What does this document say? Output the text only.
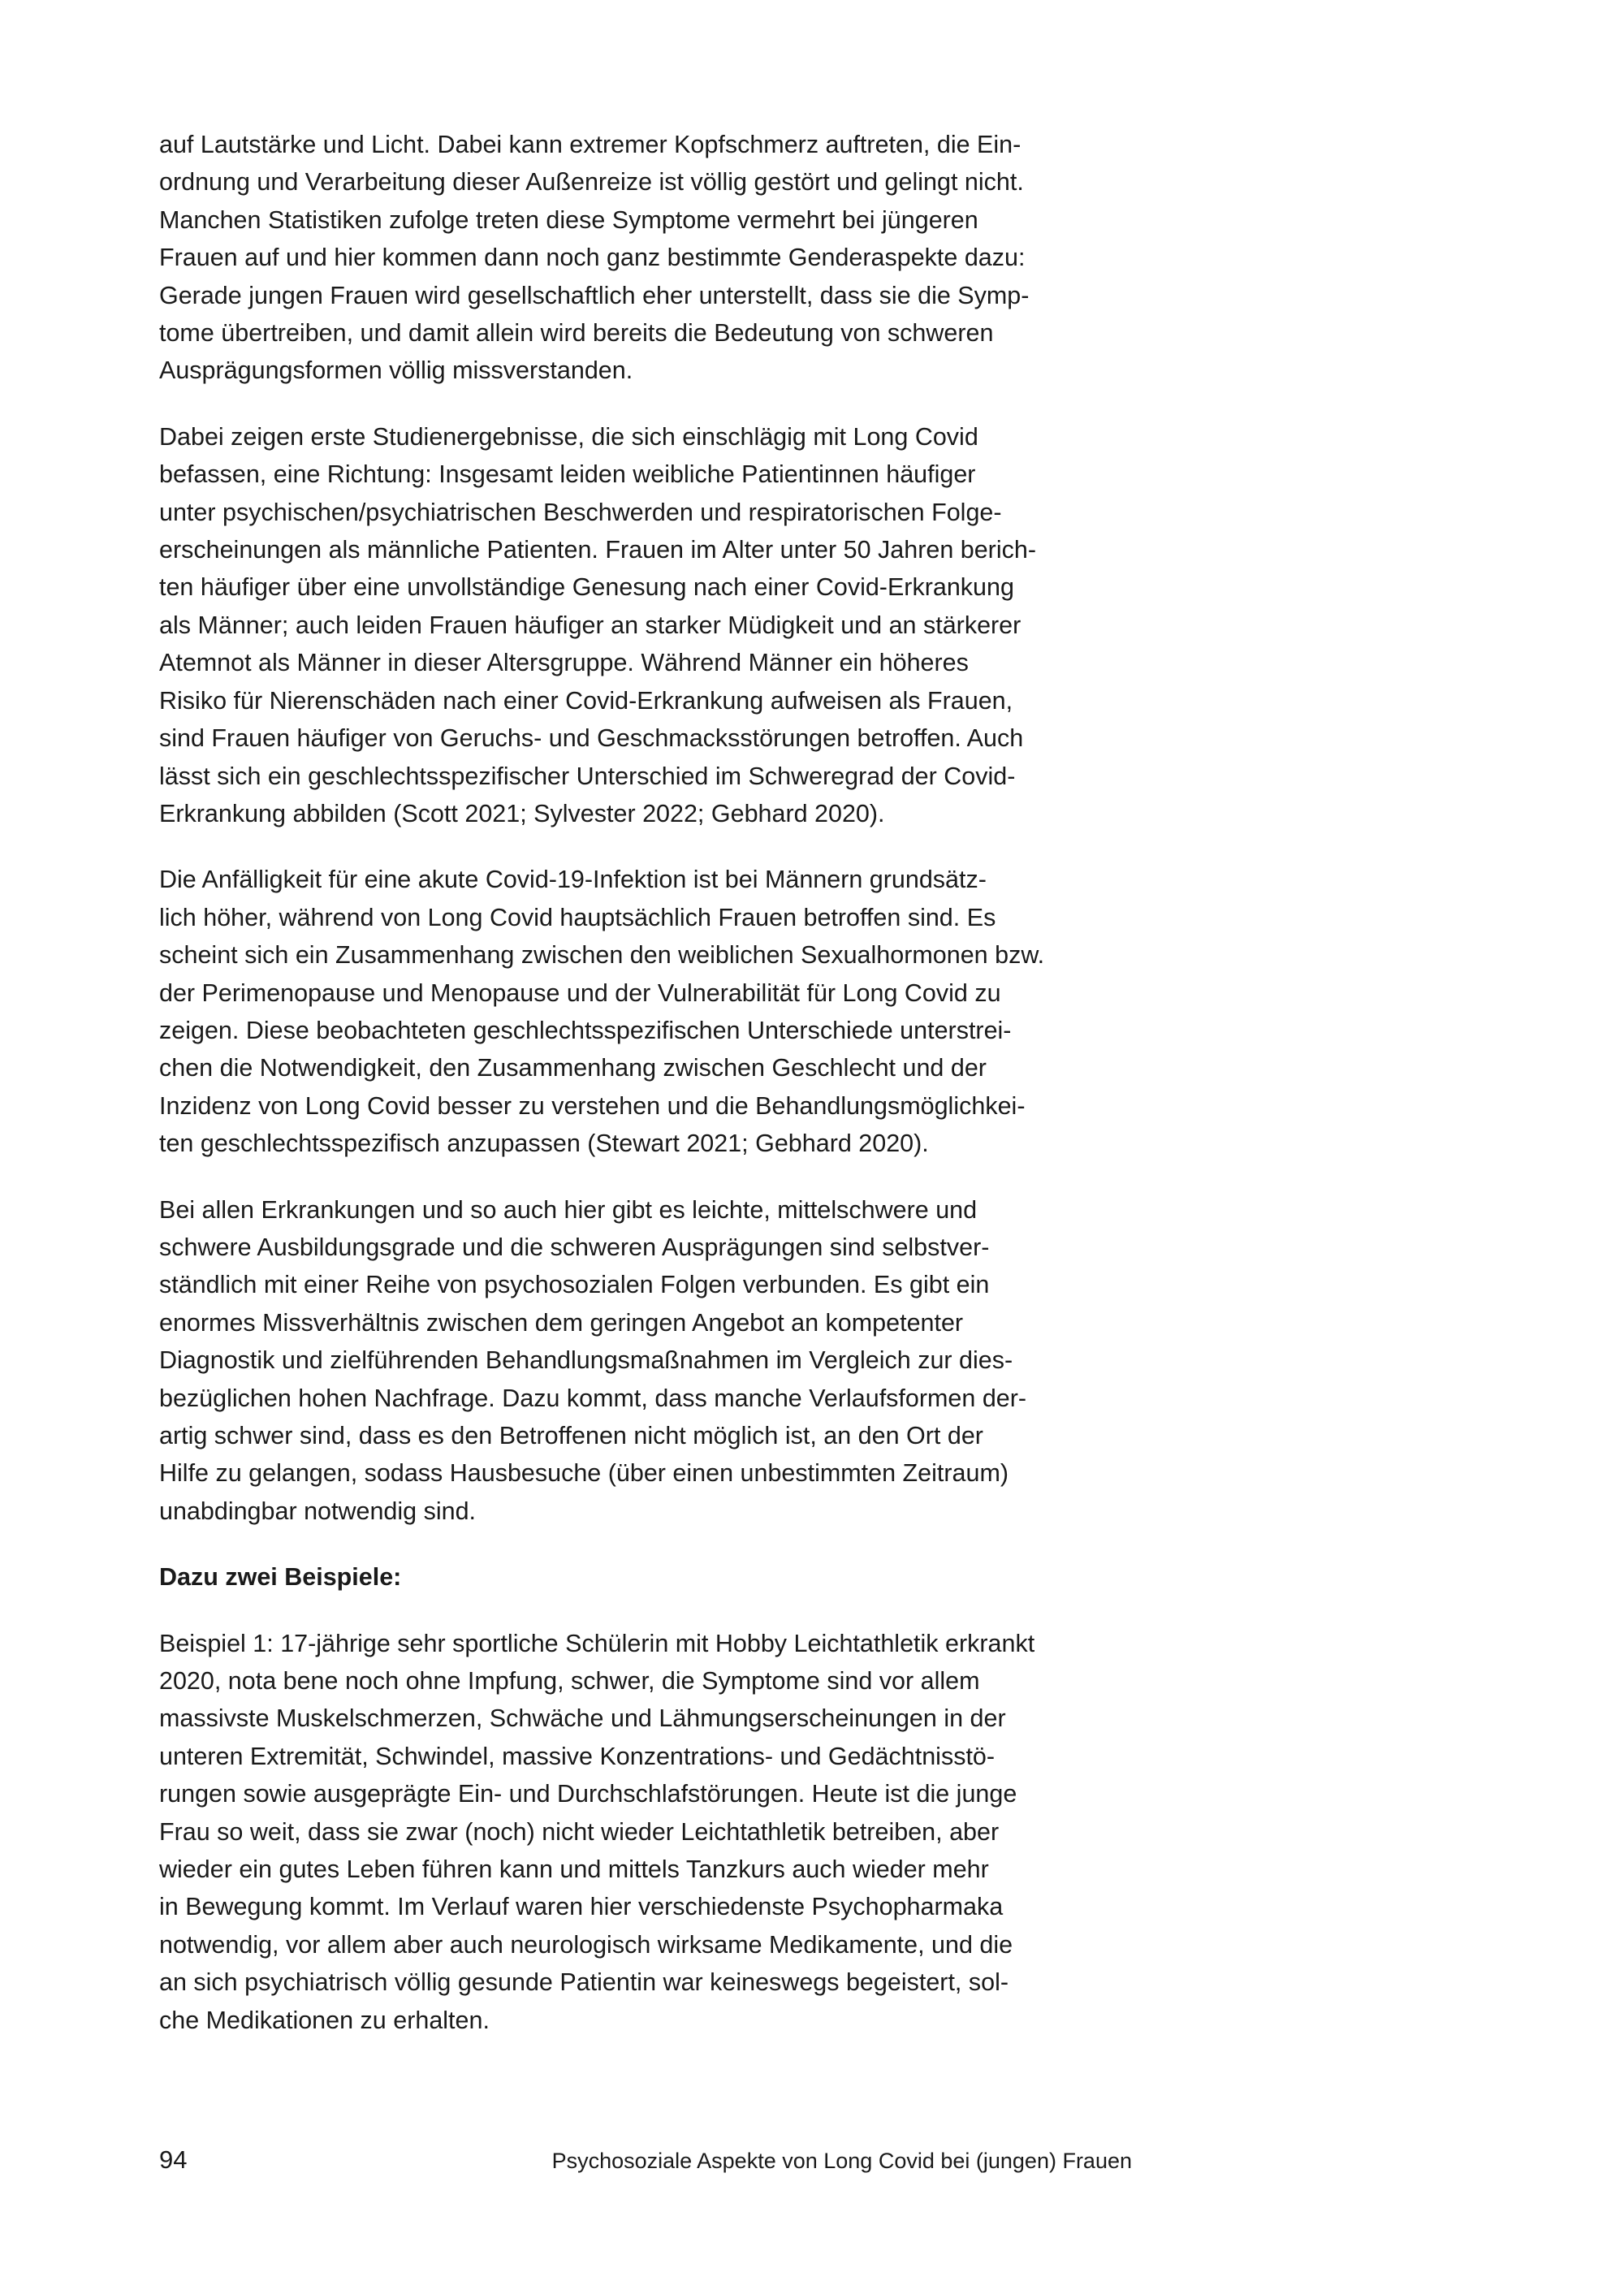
auf Lautstärke und Licht. Dabei kann extremer Kopfschmerz auftreten, die Ein-
ordnung und Verarbeitung dieser Außenreize ist völlig gestört und gelingt nicht.
Manchen Statistiken zufolge treten diese Symptome vermehrt bei jüngeren
Frauen auf und hier kommen dann noch ganz bestimmte Genderaspekte dazu:
Gerade jungen Frauen wird gesellschaftlich eher unterstellt, dass sie die Symp-
tome übertreiben, und damit allein wird bereits die Bedeutung von schweren
Ausprägungsformen völlig missverstanden.

Dabei zeigen erste Studienergebnisse, die sich einschlägig mit Long Covid
befassen, eine Richtung: Insgesamt leiden weibliche Patientinnen häufiger
unter psychischen/psychiatrischen Beschwerden und respiratorischen Folge-
erscheinungen als männliche Patienten. Frauen im Alter unter 50 Jahren berich-
ten häufiger über eine unvollständige Genesung nach einer Covid-Erkrankung
als Männer; auch leiden Frauen häufiger an starker Müdigkeit und an stärkerer
Atemnot als Männer in dieser Altersgruppe. Während Männer ein höheres
Risiko für Nierenschäden nach einer Covid-Erkrankung aufweisen als Frauen,
sind Frauen häufiger von Geruchs- und Geschmacksstörungen betroffen. Auch
lässt sich ein geschlechtsspezifischer Unterschied im Schweregrad der Covid-
Erkrankung abbilden (Scott 2021; Sylvester 2022; Gebhard 2020).

Die Anfälligkeit für eine akute Covid-19-Infektion ist bei Männern grundsätz-
lich höher, während von Long Covid hauptsächlich Frauen betroffen sind. Es
scheint sich ein Zusammenhang zwischen den weiblichen Sexualhormonen bzw.
der Perimenopause und Menopause und der Vulnerabilität für Long Covid zu
zeigen. Diese beobachteten geschlechtsspezifischen Unterschiede unterstrei-
chen die Notwendigkeit, den Zusammenhang zwischen Geschlecht und der
Inzidenz von Long Covid besser zu verstehen und die Behandlungsmöglichkei-
ten geschlechtsspezifisch anzupassen (Stewart 2021; Gebhard 2020).

Bei allen Erkrankungen und so auch hier gibt es leichte, mittelschwere und
schwere Ausbildungsgrade und die schweren Ausprägungen sind selbstver-
ständlich mit einer Reihe von psychosozialen Folgen verbunden. Es gibt ein
enormes Missverhältnis zwischen dem geringen Angebot an kompetenter
Diagnostik und zielführenden Behandlungsmaßnahmen im Vergleich zur dies-
bezüglichen hohen Nachfrage. Dazu kommt, dass manche Verlaufsformen der-
artig schwer sind, dass es den Betroffenen nicht möglich ist, an den Ort der
Hilfe zu gelangen, sodass Hausbesuche (über einen unbestimmten Zeitraum)
unabdingbar notwendig sind.

Dazu zwei Beispiele:

Beispiel 1: 17-jährige sehr sportliche Schülerin mit Hobby Leichtathletik erkrankt
2020, nota bene noch ohne Impfung, schwer, die Symptome sind vor allem
massivste Muskelschmerzen, Schwäche und Lähmungserscheinungen in der
unteren Extremität, Schwindel, massive Konzentrations- und Gedächtnisstö-
rungen sowie ausgeprägte Ein- und Durchschlafstörungen. Heute ist die junge
Frau so weit, dass sie zwar (noch) nicht wieder Leichtathletik betreiben, aber
wieder ein gutes Leben führen kann und mittels Tanzkurs auch wieder mehr
in Bewegung kommt. Im Verlauf waren hier verschiedenste Psychopharmaka
notwendig, vor allem aber auch neurologisch wirksame Medikamente, und die
an sich psychiatrisch völlig gesunde Patientin war keineswegs begeistert, sol-
che Medikationen zu erhalten.

94	Psychosoziale Aspekte von Long Covid bei (jungen) Frauen
